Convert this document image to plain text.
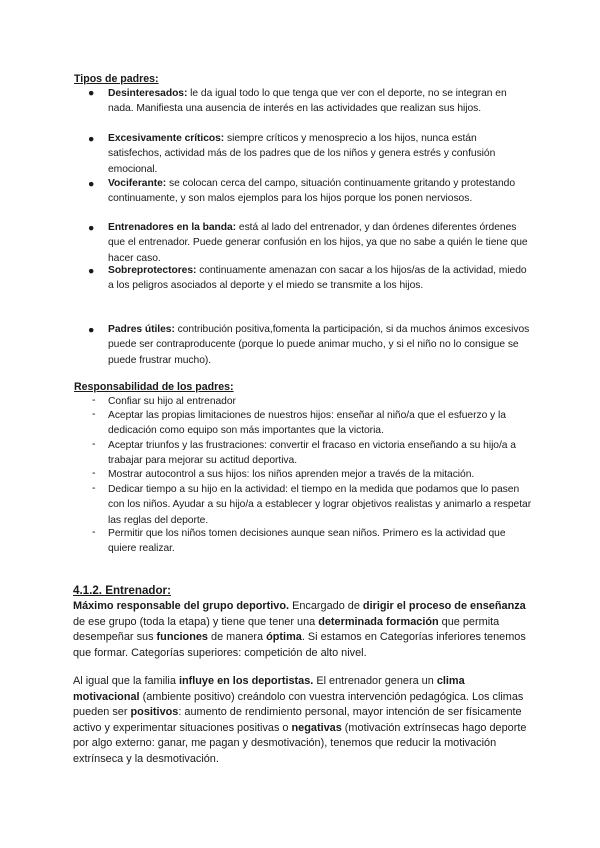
Tipos de padres:
● Desinteresados: le da igual todo lo que tenga que ver con el deporte, no se integran en nada. Manifiesta una ausencia de interés en las actividades que realizan sus hijos.
● Excesivamente críticos: siempre críticos y menosprecio a los hijos, nunca están satisfechos, actividad más de los padres que de los niños y genera estrés y confusión emocional.
● Vociferante: se colocan cerca del campo, situación continuamente gritando y protestando continuamente, y son malos ejemplos para los hijos porque los ponen nerviosos.
● Entrenadores en la banda: está al lado del entrenador, y dan órdenes diferentes órdenes que el entrenador. Puede generar confusión en los hijos, ya que no sabe a quién le tiene que hacer caso.
● Sobreprotectores: continuamente amenazan con sacar a los hijos/as de la actividad, miedo a los peligros asociados al deporte y el miedo se transmite a los hijos.
● Padres útiles: contribución positiva,fomenta la participación, si da muchos ánimos excesivos puede ser contraproducente (porque lo puede animar mucho, y si el niño no lo consigue se puede frustrar mucho).
Responsabilidad de los padres:
- Confiar su hijo al entrenador
- Aceptar las propias limitaciones de nuestros hijos: enseñar al niño/a que el esfuerzo y la dedicación como equipo son más importantes que la victoria.
- Aceptar triunfos y las frustraciones: convertir el fracaso en victoria enseñando a su hijo/a a trabajar para mejorar su actitud deportiva.
- Mostrar autocontrol a sus hijos: los niños aprenden mejor a través de la mitación.
- Dedicar tiempo a su hijo en la actividad: el tiempo en la medida que podamos que lo pasen con los niños. Ayudar a su hijo/a a establecer y lograr objetivos realistas y animarlo a respetar las reglas del deporte.
- Permitir que los niños tomen decisiones aunque sean niños. Primero es la actividad que quiere realizar.
4.1.2. Entrenador:
Máximo responsable del grupo deportivo. Encargado de dirigir el proceso de enseñanza de ese grupo (toda la etapa) y tiene que tener una determinada formación que permita desempeñar sus funciones de manera óptima. Si estamos en Categorías inferiores tenemos que formar. Categorías superiores: competición de alto nivel.
Al igual que la familia influye en los deportistas. El entrenador genera un clima motivacional (ambiente positivo) creándolo con vuestra intervención pedagógica. Los climas pueden ser positivos: aumento de rendimiento personal, mayor intención de ser físicamente activo y experimentar situaciones positivas o negativas (motivación extrínsecas hago deporte por algo externo: ganar, me pagan y desmotivación), tenemos que reducir la motivación extrínseca y la desmotivación.
